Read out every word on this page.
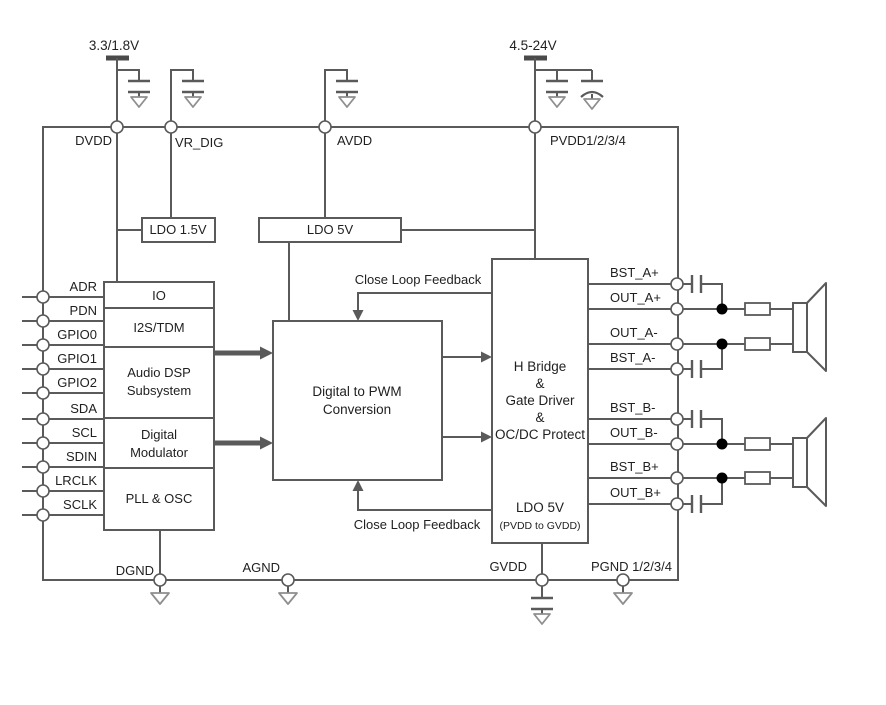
3.3/1.8V	4.5-24V
DVDD	VR_DIG	AVDD	PVDD1/2/3/4
LDO 1.5V	LDO 5V
Close Loop Feedback
IO
I2S/TDM
Audio DSP
Subsystem
Digital
Modulator
PLL & OSC
ADR
PDN
GPIO0
GPIO1
GPIO2
SDA
SCL
SDIN
LRCLK
SCLK
Digital to PWM
Conversion
H Bridge
&
Gate Driver
&
OC/DC Protect
LDO 5V
(PVDD to GVDD)
Close Loop Feedback
BST_A+
OUT_A+
OUT_A-
BST_A-
BST_B-
OUT_B-
BST_B+
OUT_B+
DGND	AGND	GVDD	PGND 1/2/3/4
